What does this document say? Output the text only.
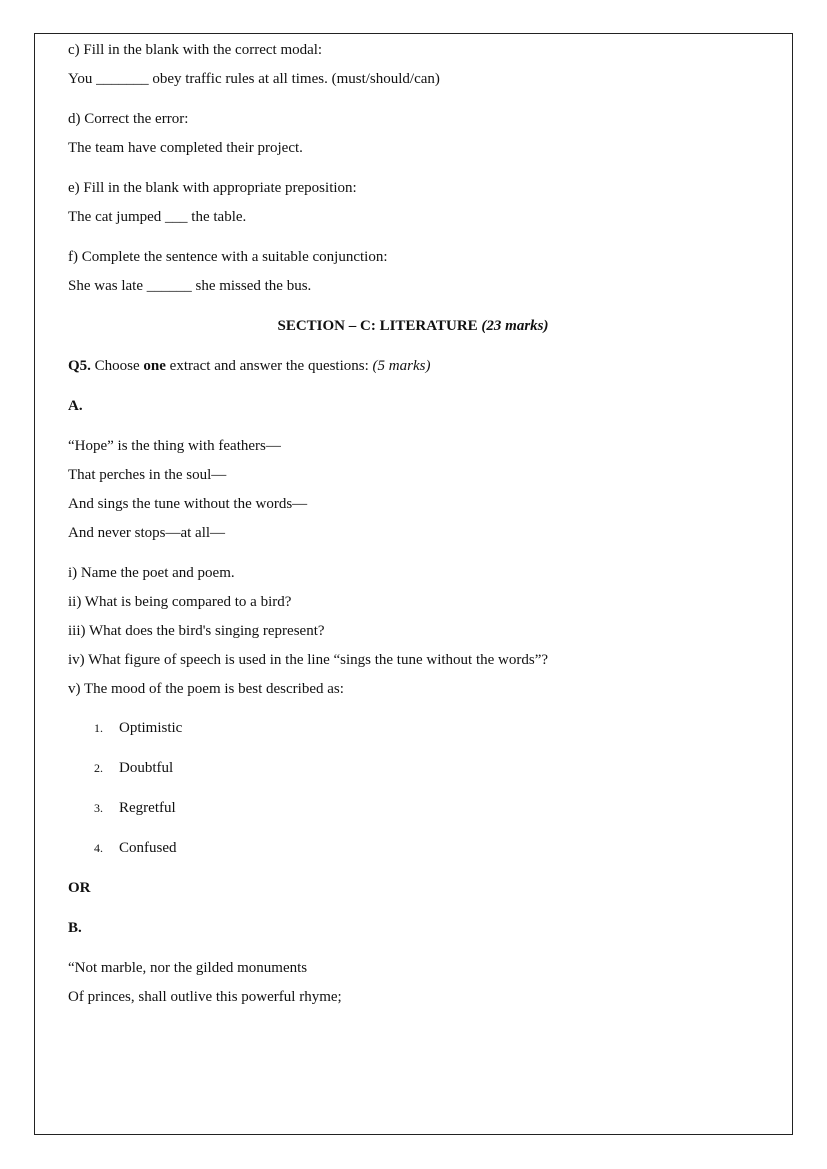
c) Fill in the blank with the correct modal:
You _______ obey traffic rules at all times. (must/should/can)
d) Correct the error:
The team have completed their project.
e) Fill in the blank with appropriate preposition:
The cat jumped ___ the table.
f) Complete the sentence with a suitable conjunction:
She was late ______ she missed the bus.
SECTION – C: LITERATURE (23 marks)
Q5. Choose one extract and answer the questions: (5 marks)
A.
“Hope” is the thing with feathers—
That perches in the soul—
And sings the tune without the words—
And never stops—at all—
i) Name the poet and poem.
ii) What is being compared to a bird?
iii) What does the bird's singing represent?
iv) What figure of speech is used in the line “sings the tune without the words”?
v) The mood of the poem is best described as:
1. Optimistic
2. Doubtful
3. Regretful
4. Confused
OR
B.
“Not marble, nor the gilded monuments
Of princes, shall outlive this powerful rhyme;
